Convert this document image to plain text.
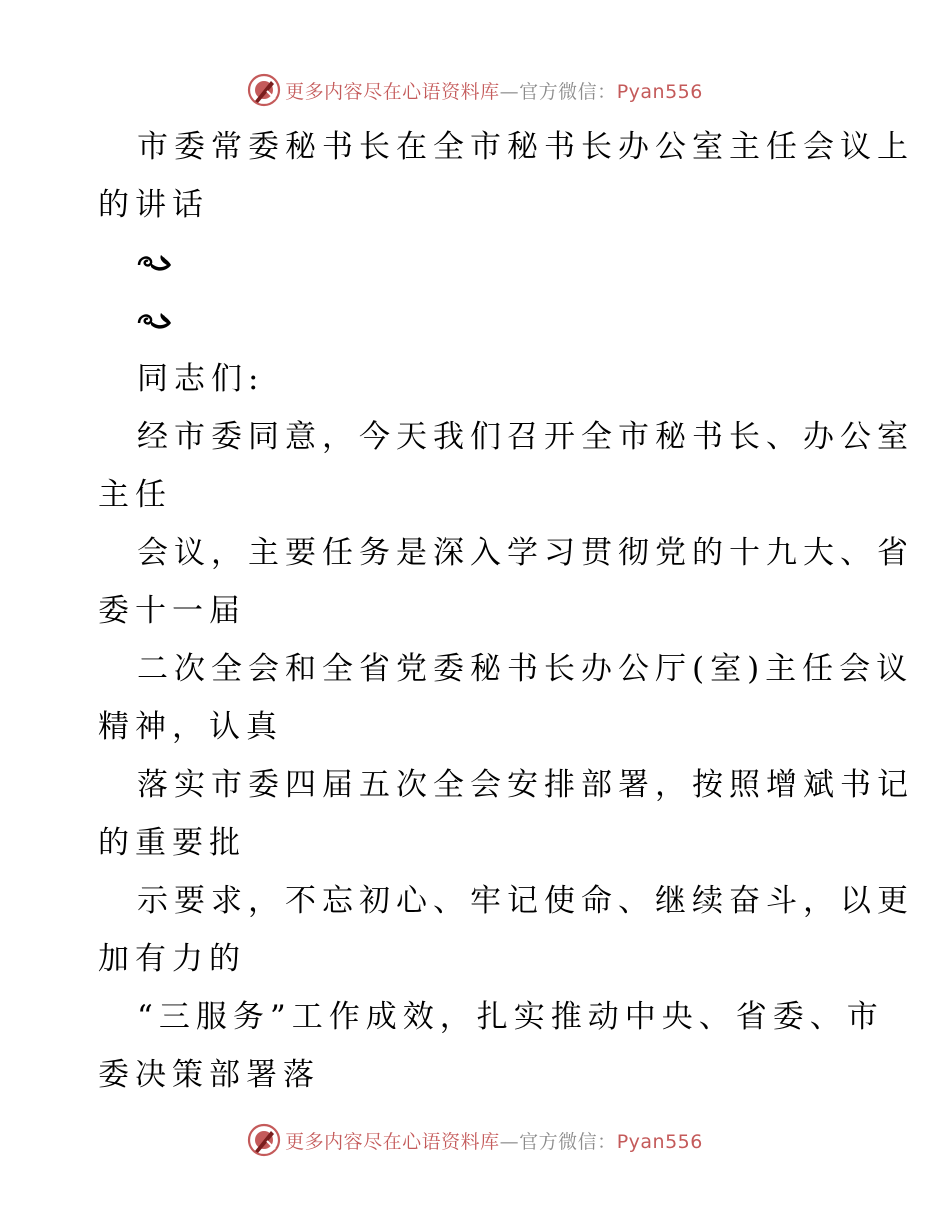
更多内容尽在心语资料库—官方微信：Pyan556
市委常委秘书长在全市秘书长办公室主任会议上
的讲话
同志们:
经市委同意，今天我们召开全市秘书长、办公室
主任
会议，主要任务是深入学习贯彻党的十九大、省
委十一届
二次全会和全省党委秘书长办公厅(室)主任会议
精神，认真
落实市委四届五次全会安排部署，按照增斌书记
的重要批
示要求，不忘初心、牢记使命、继续奋斗，以更
加有力的
“三服务”工作成效，扎实推动中央、省委、市
委决策部署落
更多内容尽在心语资料库—官方微信：Pyan556
